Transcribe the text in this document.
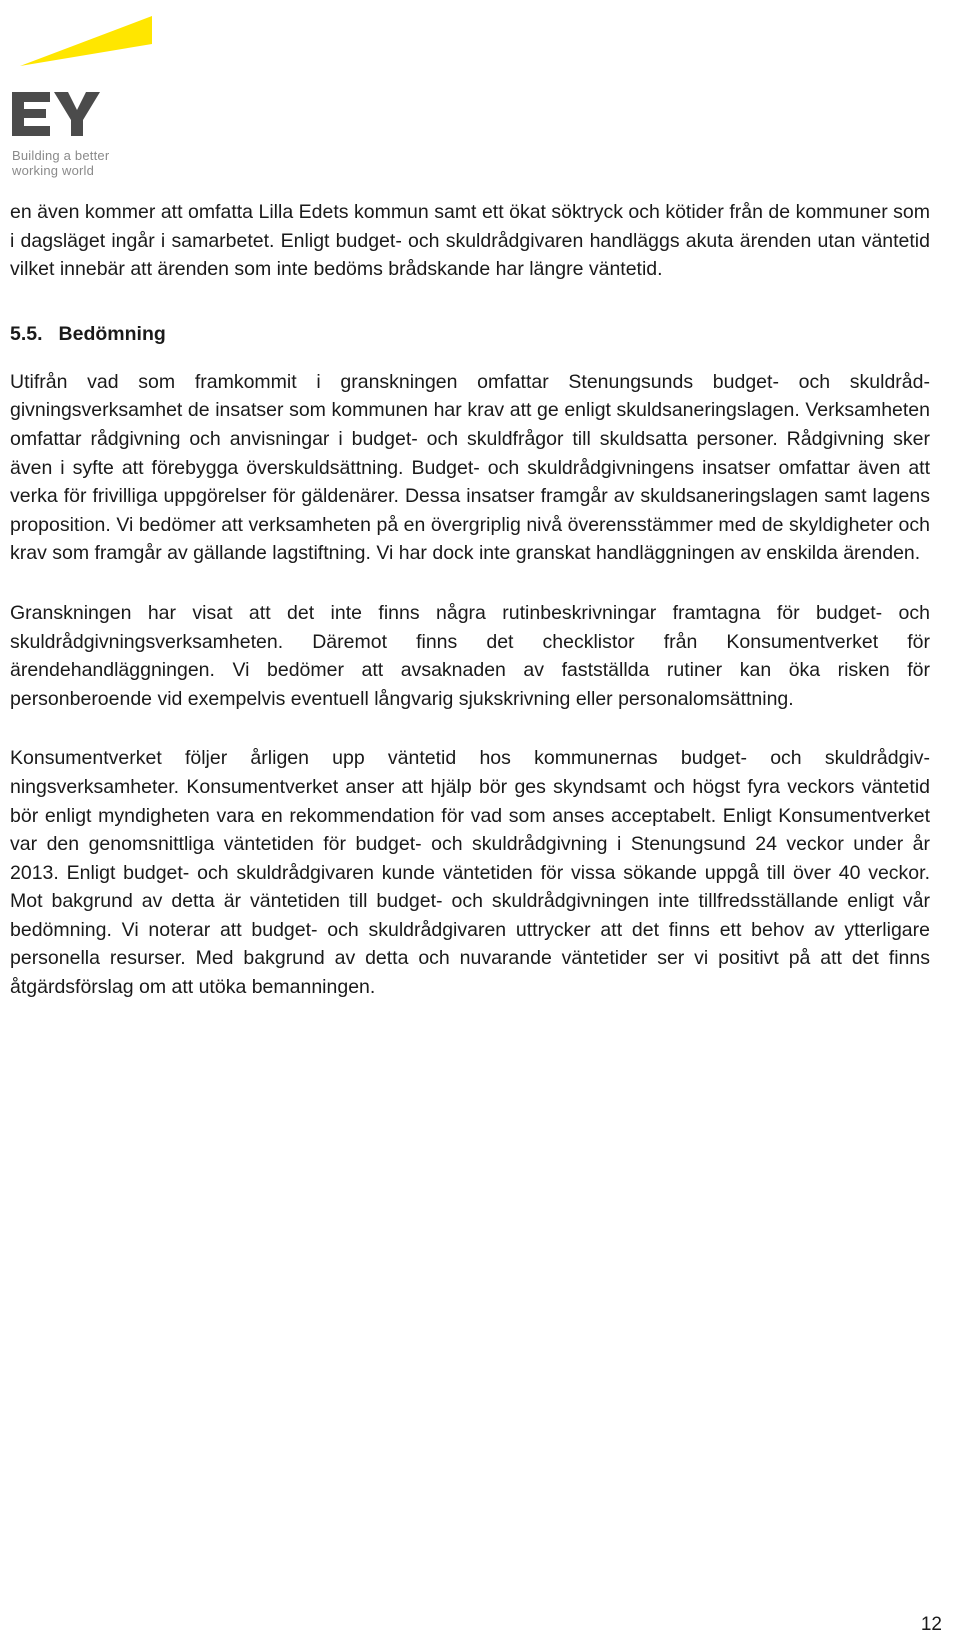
Building a better
working world

en även kommer att omfatta Lilla Edets kommun samt ett ökat söktryck och kötider från de kommuner som i dagsläget ingår i samarbetet. Enligt budget- och skuldrådgivaren handläggs akuta ärenden utan väntetid vilket innebär att ärenden som inte bedöms brådskande har längre väntetid.

5.5. Bedömning

Utifrån vad som framkommit i granskningen omfattar Stenungsunds budget- och skuldrådgivningsverksamhet de insatser som kommunen har krav att ge enligt skuldsaneringslagen. Verksamheten omfattar rådgivning och anvisningar i budget- och skuldfrågor till skuldsatta personer. Rådgivning sker även i syfte att förebygga överskuldsättning. Budget- och skuldrådgivningens insatser omfattar även att verka för frivilliga uppgörelser för gäldenärer. Dessa insatser framgår av skuldsaneringslagen samt lagens proposition. Vi bedömer att verksamheten på en övergriplig nivå överensstämmer med de skyldigheter och krav som framgår av gällande lagstiftning. Vi har dock inte granskat handläggningen av enskilda ärenden.

Granskningen har visat att det inte finns några rutinbeskrivningar framtagna för budget- och skuldrådgivningsverksamheten. Däremot finns det checklistor från Konsumentverket för ärendehandläggningen. Vi bedömer att avsaknaden av fastställda rutiner kan öka risken för personberoende vid exempelvis eventuell långvarig sjukskrivning eller personalomsättning.

Konsumentverket följer årligen upp väntetid hos kommunernas budget- och skuldrådgivningsverksamheter. Konsumentverket anser att hjälp bör ges skyndsamt och högst fyra veckors väntetid bör enligt myndigheten vara en rekommendation för vad som anses acceptabelt. Enligt Konsumentverket var den genomsnittliga väntetiden för budget- och skuldrådgivning i Stenungsund 24 veckor under år 2013. Enligt budget- och skuldrådgivaren kunde väntetiden för vissa sökande uppgå till över 40 veckor. Mot bakgrund av detta är väntetiden till budget- och skuldrådgivningen inte tillfredsställande enligt vår bedömning. Vi noterar att budget- och skuldrådgivaren uttrycker att det finns ett behov av ytterligare personella resurser. Med bakgrund av detta och nuvarande väntetider ser vi positivt på att det finns åtgärdsförslag om att utöka bemanningen.

12
